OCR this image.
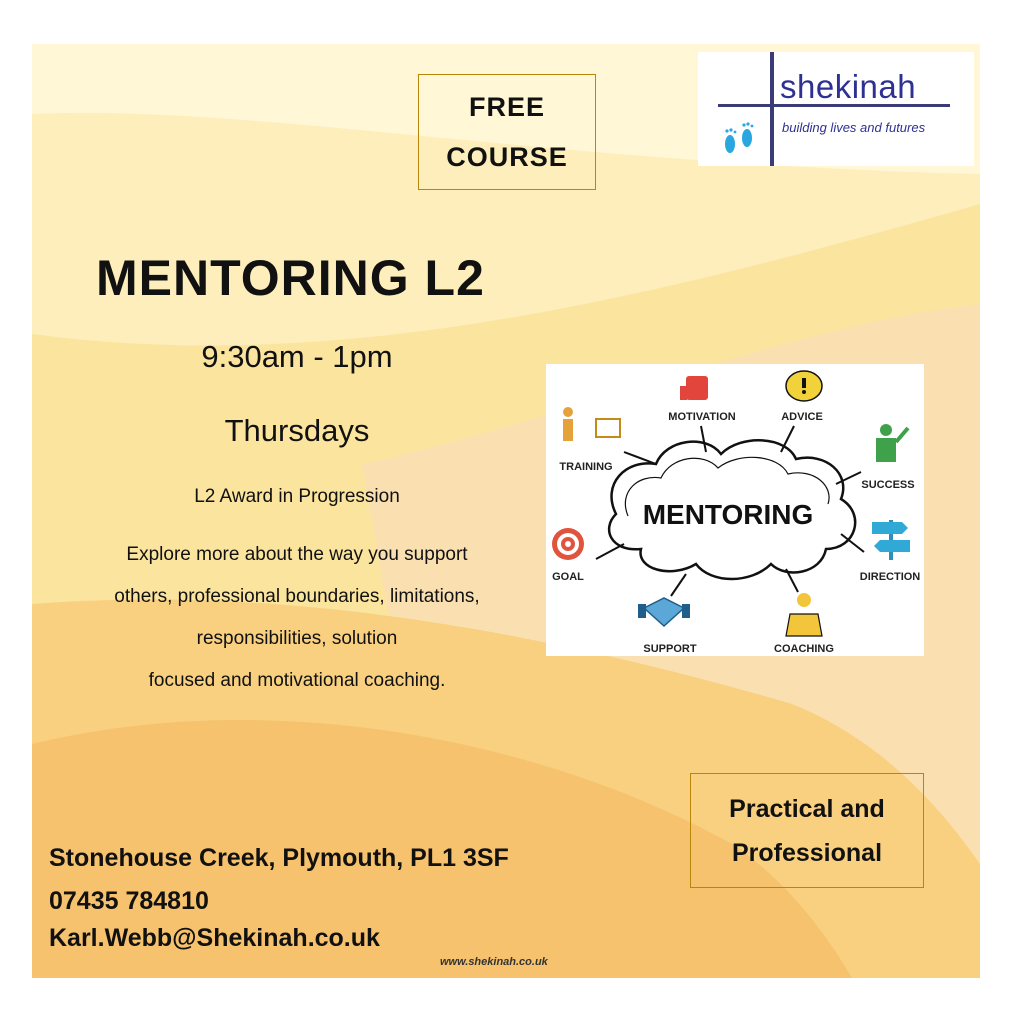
FREE
COURSE
shekinah
building lives and futures
MENTORING L2
9:30am - 1pm
Thursdays
L2 Award in Progression
Explore more about the way you support
others, professional boundaries, limitations,
responsibilities, solution
focused and motivational coaching.
MENTORING
TRAINING
MOTIVATION	ADVICE
SUCCESS
DIRECTION
COACHING
SUPPORT
GOAL
Practical and
Professional
Stonehouse Creek, Plymouth, PL1 3SF
07435 784810
Karl.Webb@Shekinah.co.uk
www.shekinah.co.uk
